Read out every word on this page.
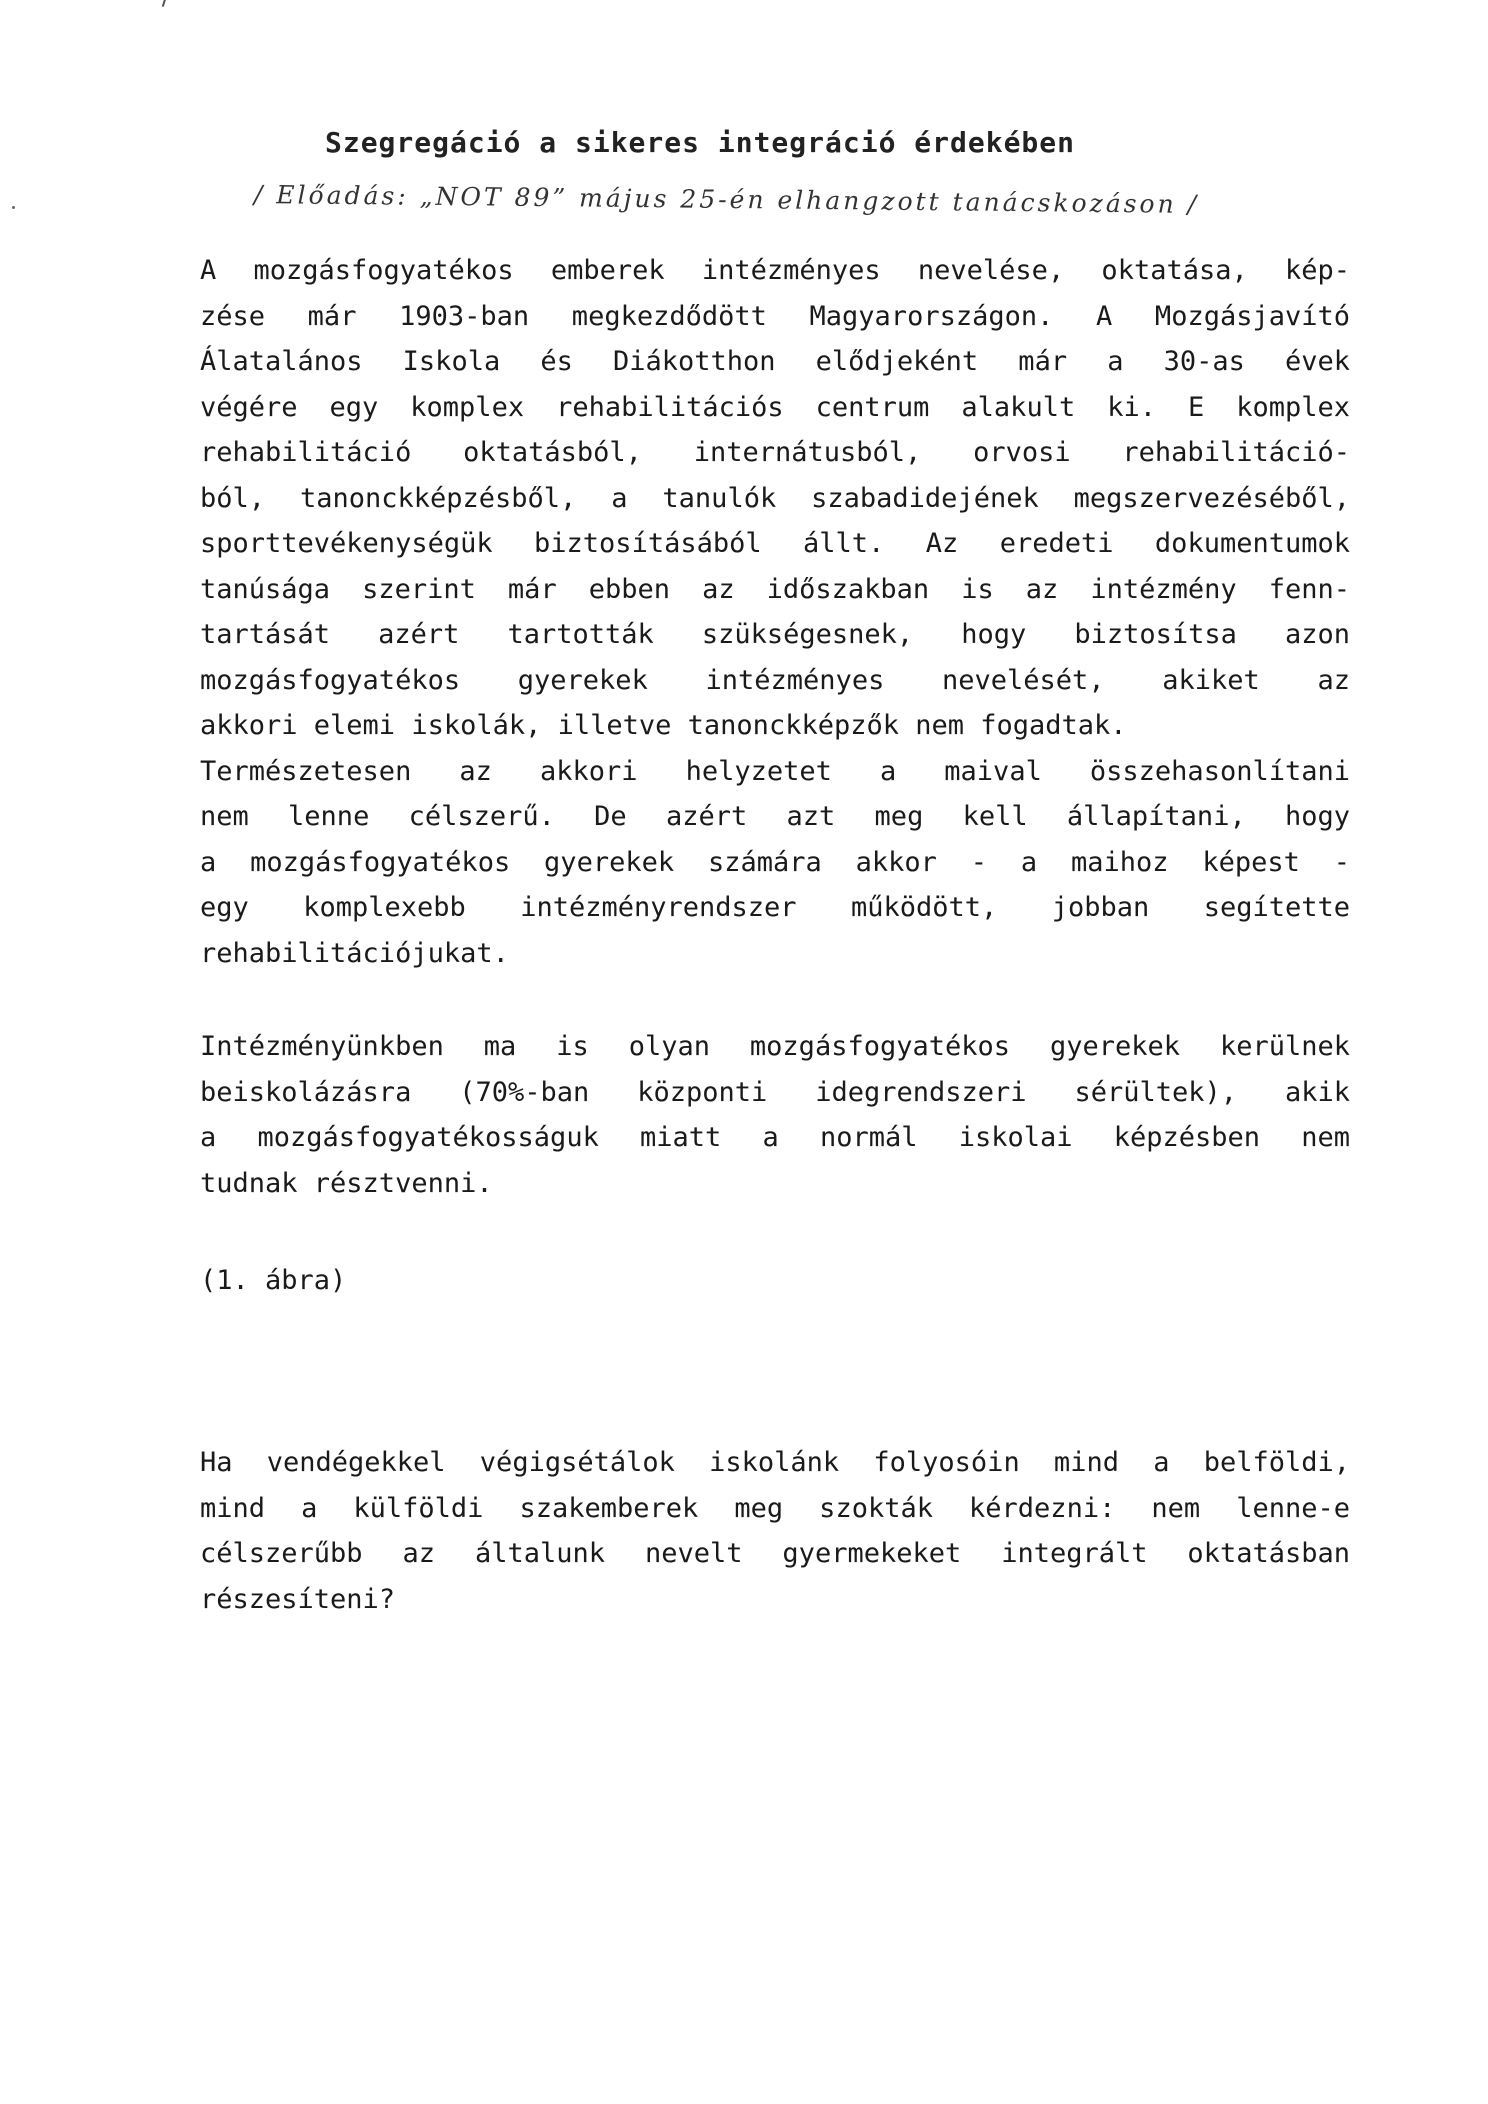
Szegregáció a sikeres integráció érdekében
/ Előadás: „NOT 89” május 25-én elhangzott tanácskozáson /
A mozgásfogyatékos emberek intézményes nevelése, oktatása, kép-
zése már 1903-ban megkezdődött Magyarországon. A Mozgásjavító
Álatalános Iskola és Diákotthon elődjeként már a 30-as évek
végére egy komplex rehabilitációs centrum alakult ki. E komplex
rehabilitáció oktatásból, internátusból, orvosi rehabilitáció-
ból, tanonckképzésből, a tanulók szabadidejének megszervezéséből,
sporttevékenységük biztosításából állt. Az eredeti dokumentumok
tanúsága szerint már ebben az időszakban is az intézmény fenn-
tartását azért tartották szükségesnek, hogy biztosítsa azon
mozgásfogyatékos gyerekek intézményes nevelését, akiket az
akkori elemi iskolák, illetve tanonckképzők nem fogadtak.
Természetesen az akkori helyzetet a maival összehasonlítani
nem lenne célszerű. De azért azt meg kell állapítani, hogy
a mozgásfogyatékos gyerekek számára akkor - a maihoz képest -
egy komplexebb intézményrendszer működött, jobban segítette
rehabilitációjukat.
Intézményünkben ma is olyan mozgásfogyatékos gyerekek kerülnek
beiskolázásra (70%-ban központi idegrendszeri sérültek), akik
a mozgásfogyatékosságuk miatt a normál iskolai képzésben nem
tudnak résztvenni.
(1. ábra)
Ha vendégekkel végigsétálok iskolánk folyosóin mind a belföldi,
mind a külföldi szakemberek meg szokták kérdezni: nem lenne-e
célszerűbb az általunk nevelt gyermekeket integrált oktatásban
részesíteni?
